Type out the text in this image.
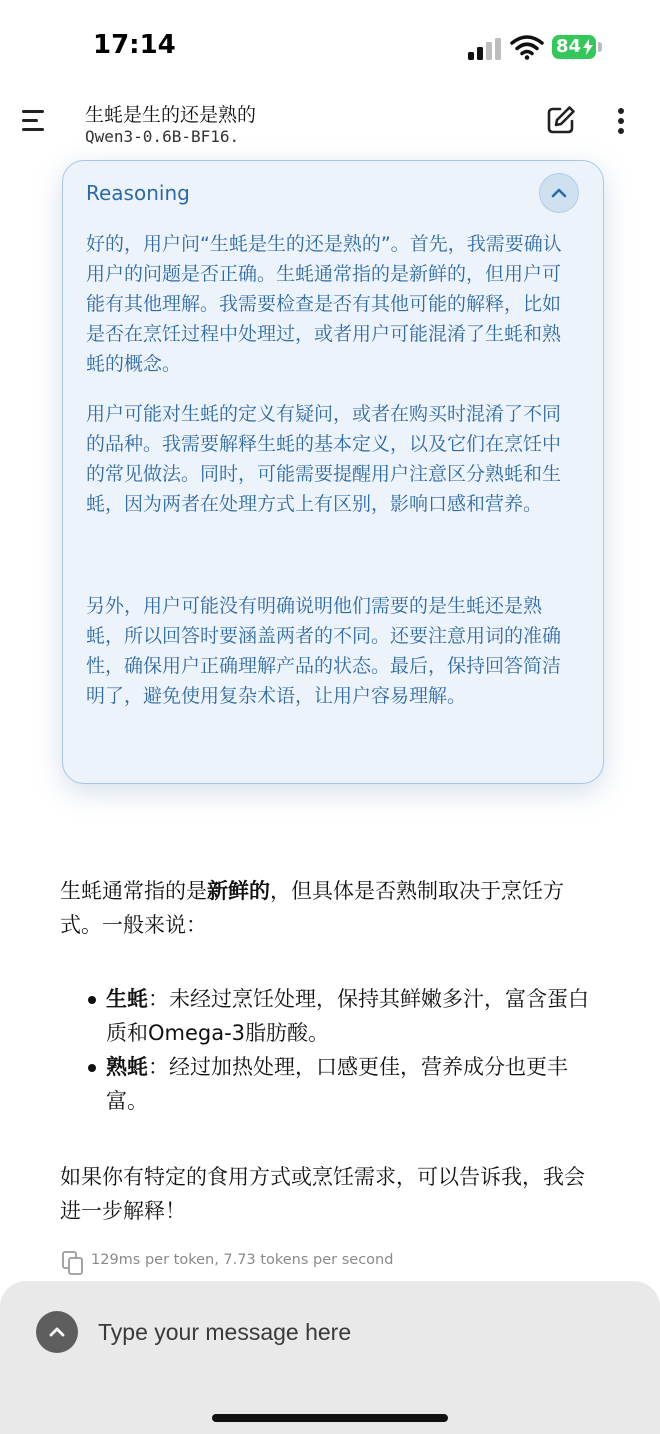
17:14	84
生蚝是生的还是熟的
Qwen3-0.6B-BF16.
Reasoning

好的，用户问“生蚝是生的还是熟的”。首先，我需要确认用户的问题是否正确。生蚝通常指的是新鲜的，但用户可能有其他理解。我需要检查是否有其他可能的解释，比如是否在烹饪过程中处理过，或者用户可能混淆了生蚝和熟蚝的概念。

用户可能对生蚝的定义有疑问，或者在购买时混淆了不同的品种。我需要解释生蚝的基本定义，以及它们在烹饪中的常见做法。同时，可能需要提醒用户注意区分熟蚝和生蚝，因为两者在处理方式上有区别，影响口感和营养。

另外，用户可能没有明确说明他们需要的是生蚝还是熟蚝，所以回答时要涵盖两者的不同。还要注意用词的准确性，确保用户正确理解产品的状态。最后，保持回答简洁明了，避免使用复杂术语，让用户容易理解。

生蚝通常指的是新鲜的，但具体是否熟制取决于烹饪方式。一般来说：

生蚝：未经过烹饪处理，保持其鲜嫩多汁，富含蛋白质和Omega-3脂肪酸。
熟蚝：经过加热处理，口感更佳，营养成分也更丰富。

如果你有特定的食用方式或烹饪需求，可以告诉我，我会进一步解释！

129ms per token, 7.73 tokens per second
Type your message here
